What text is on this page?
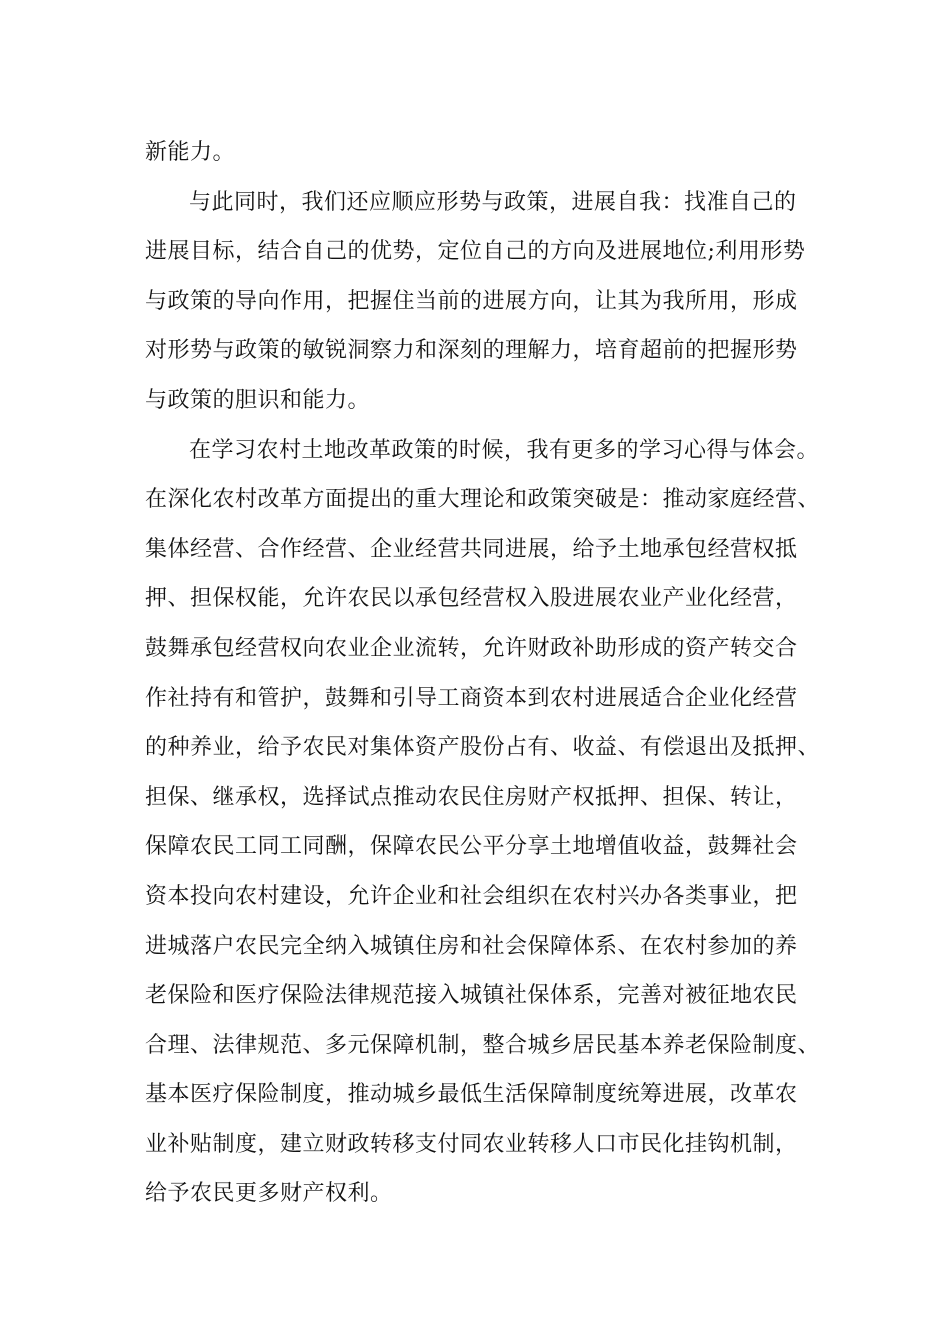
新能力。
与此同时，我们还应顺应形势与政策，进展自我：找准自己的
进展目标，结合自己的优势，定位自己的方向及进展地位;利用形势
与政策的导向作用，把握住当前的进展方向，让其为我所用，形成
对形势与政策的敏锐洞察力和深刻的理解力，培育超前的把握形势
与政策的胆识和能力。
在学习农村土地改革政策的时候，我有更多的学习心得与体会。
在深化农村改革方面提出的重大理论和政策突破是：推动家庭经营、
集体经营、合作经营、企业经营共同进展，给予土地承包经营权抵
押、担保权能，允许农民以承包经营权入股进展农业产业化经营，
鼓舞承包经营权向农业企业流转，允许财政补助形成的资产转交合
作社持有和管护，鼓舞和引导工商资本到农村进展适合企业化经营
的种养业，给予农民对集体资产股份占有、收益、有偿退出及抵押、
担保、继承权，选择试点推动农民住房财产权抵押、担保、转让，
保障农民工同工同酬，保障农民公平分享土地增值收益，鼓舞社会
资本投向农村建设，允许企业和社会组织在农村兴办各类事业，把
进城落户农民完全纳入城镇住房和社会保障体系、在农村参加的养
老保险和医疗保险法律规范接入城镇社保体系，完善对被征地农民
合理、法律规范、多元保障机制，整合城乡居民基本养老保险制度、
基本医疗保险制度，推动城乡最低生活保障制度统筹进展，改革农
业补贴制度，建立财政转移支付同农业转移人口市民化挂钩机制，
给予农民更多财产权利。
